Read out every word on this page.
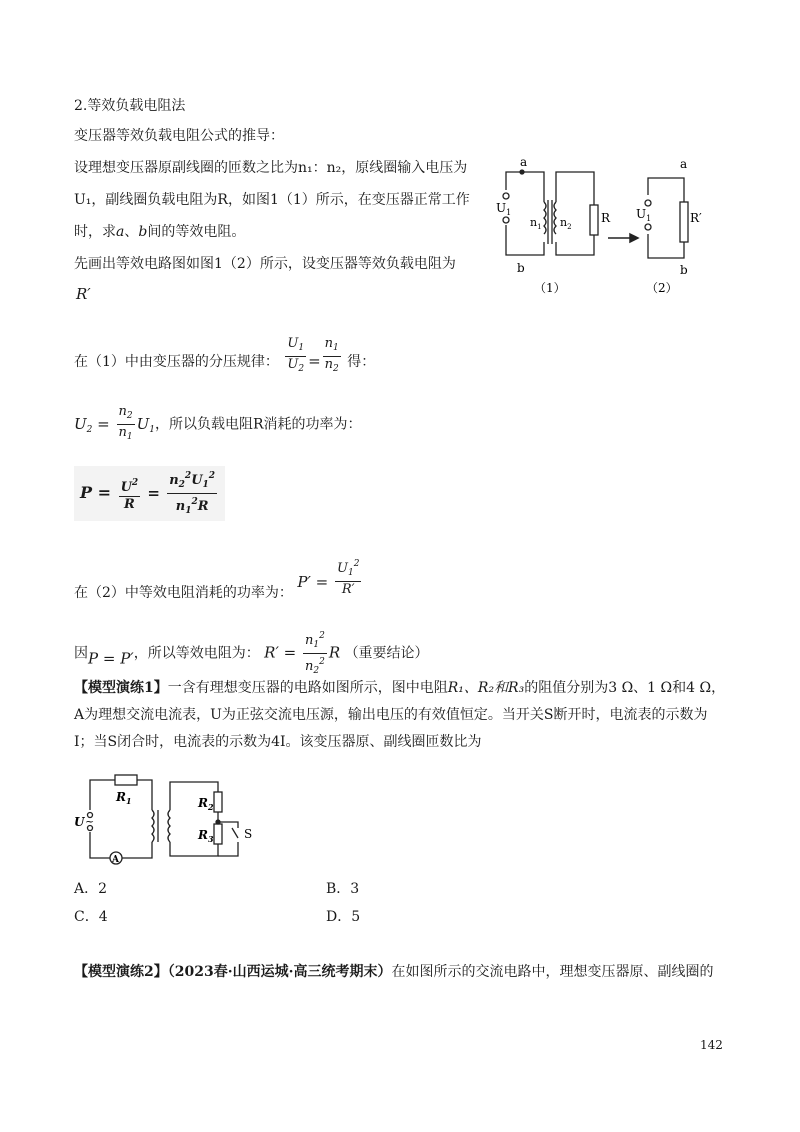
2.等效负载电阻法
变压器等效负载电阻公式的推导：
设理想变压器原副线圈的匝数之比为n₁：n₂，原线圈输入电压为
U₁，副线圈负载电阻为R，如图1（1）所示，在变压器正常工作
时，求a、b间的等效电阻。
先画出等效电路图如图1（2）所示，设变压器等效负载电阻为
R′
a
b
$U_1$
$n_1$ $n_2$
R
（1）
a
b
$U_1$	R′
（2）
在（1）中由变压器的分压规律： $\frac{U_1}{U_2} = \frac{n_1}{n_2}$ 得：
$U_2 = \frac{n_2}{n_1} U_1$，所以负载电阻R消耗的功率为：
$P = \frac{U^2}{R} = \frac{n_2^2U_1^2}{n_1^2R}$
在（2）中等效电阻消耗的功率为： $P' = \frac{U_1^2}{R'}$
因P = P′，所以等效电阻为： $R' = \frac{n_1^2}{n_2^2}$ R （重要结论）
【模型演练1】一含有理想变压器的电路如图所示，图中电阻R₁、R₂和R₃的阻值分别为3 Ω、1 Ω和4 Ω，
A为理想交流电流表，U为正弦交流电压源，输出电压的有效值恒定。当开关S断开时，电流表的示数为
I；当S闭合时，电流表的示数为4I。该变压器原、副线圈匝数比为
$R_1$	$R_2$
$R_3$
U ~
A
S
A．2	B．3
C．4	D．5
【模型演练2】（2023春·山西运城·高三统考期末）在如图所示的交流电路中，理想变压器原、副线圈的
142
